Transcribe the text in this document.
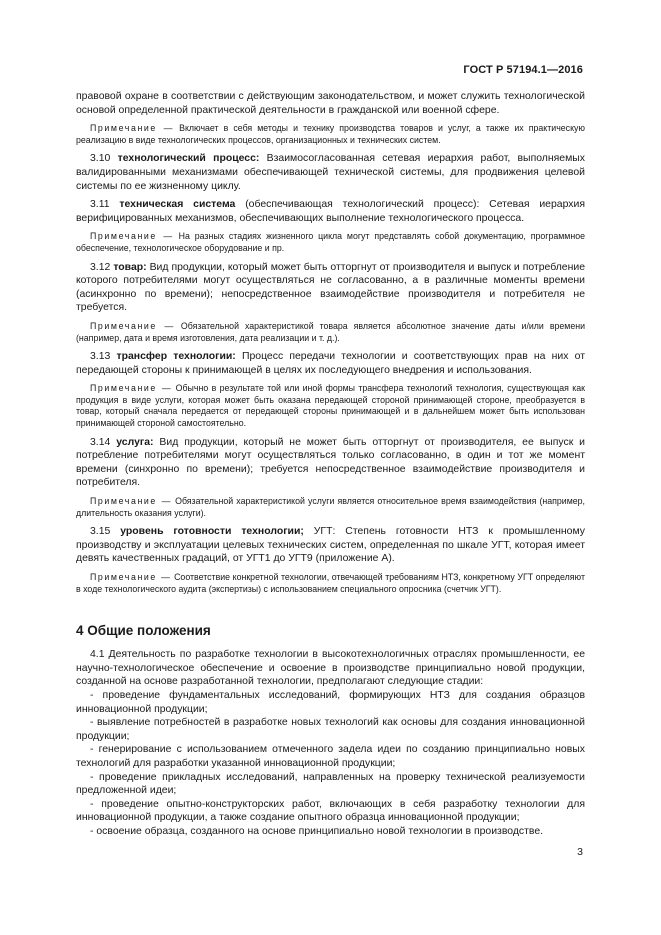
ГОСТ Р 57194.1—2016

правовой охране в соответствии с действующим законодательством, и может служить технологической основой определенной практической деятельности в гражданской или военной сфере.

Примечание — Включает в себя методы и технику производства товаров и услуг, а также их практическую реализацию в виде технологических процессов, организационных и технических систем.

3.10 технологический процесс: Взаимосогласованная сетевая иерархия работ, выполняемых валидированными механизмами обеспечивающей технической системы, для продвижения целевой системы по ее жизненному циклу.

3.11 техническая система (обеспечивающая технологический процесс): Сетевая иерархия верифицированных механизмов, обеспечивающих выполнение технологического процесса.

Примечание — На разных стадиях жизненного цикла могут представлять собой документацию, программное обеспечение, технологическое оборудование и пр.

3.12 товар: Вид продукции, который может быть отторгнут от производителя и выпуск и потребление которого потребителями могут осуществляться не согласованно, а в различные моменты времени (асинхронно по времени); непосредственное взаимодействие производителя и потребителя не требуется.

Примечание — Обязательной характеристикой товара является абсолютное значение даты и/или времени (например, дата и время изготовления, дата реализации и т. д.).

3.13 трансфер технологии: Процесс передачи технологии и соответствующих прав на них от передающей стороны к принимающей в целях их последующего внедрения и использования.

Примечание — Обычно в результате той или иной формы трансфера технологий технология, существующая как продукция в виде услуги, которая может быть оказана передающей стороной принимающей стороне, преобразуется в товар, который сначала передается от передающей стороны принимающей и в дальнейшем может быть использован принимающей стороной самостоятельно.

3.14 услуга: Вид продукции, который не может быть отторгнут от производителя, ее выпуск и потребление потребителями могут осуществляться только согласованно, в один и тот же момент времени (синхронно по времени); требуется непосредственное взаимодействие производителя и потребителя.

Примечание — Обязательной характеристикой услуги является относительное время взаимодействия (например, длительность оказания услуги).

3.15 уровень готовности технологии; УГТ: Степень готовности НТЗ к промышленному производству и эксплуатации целевых технических систем, определенная по шкале УГТ, которая имеет девять качественных градаций, от УГТ1 до УГТ9 (приложение А).

Примечание — Соответствие конкретной технологии, отвечающей требованиям НТЗ, конкретному УГТ определяют в ходе технологического аудита (экспертизы) с использованием специального опросника (счетчик УГТ).

4 Общие положения

4.1 Деятельность по разработке технологии в высокотехнологичных отраслях промышленности, ее научно-технологическое обеспечение и освоение в производстве принципиально новой продукции, созданной на основе разработанной технологии, предполагают следующие стадии:

- проведение фундаментальных исследований, формирующих НТЗ для создания образцов инновационной продукции;

- выявление потребностей в разработке новых технологий как основы для создания инновационной продукции;

- генерирование с использованием отмеченного задела идеи по созданию принципиально новых технологий для разработки указанной инновационной продукции;

- проведение прикладных исследований, направленных на проверку технической реализуемости предложенной идеи;

- проведение опытно-конструкторских работ, включающих в себя разработку технологии для инновационной продукции, а также создание опытного образца инновационной продукции;

- освоение образца, созданного на основе принципиально новой технологии в производстве.

3
